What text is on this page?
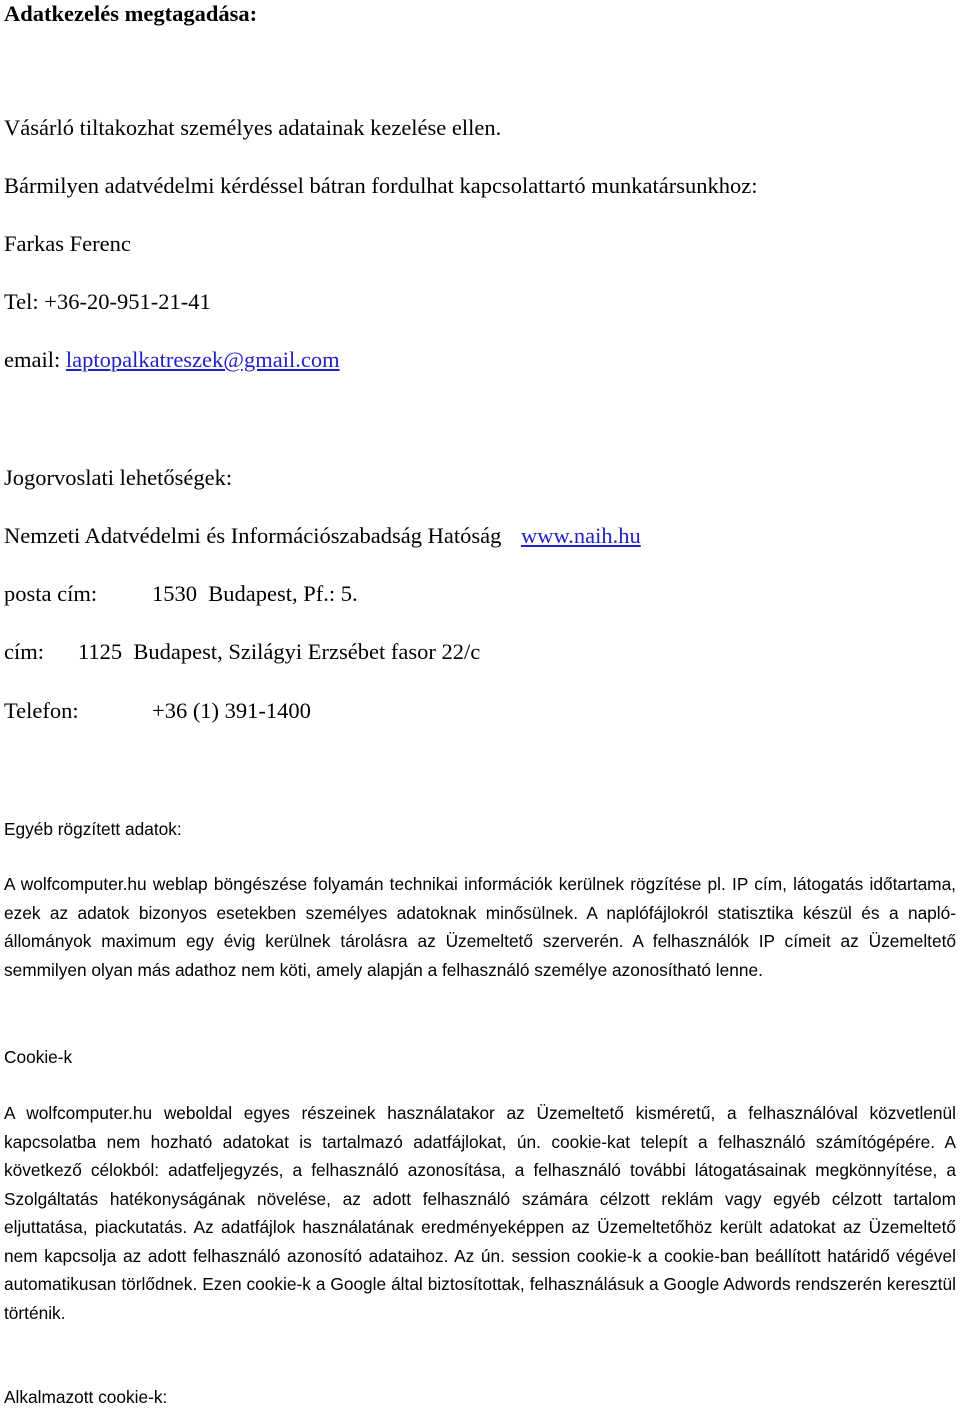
Adatkezelés megtagadása:
Vásárló tiltakozhat személyes adatainak kezelése ellen.
Bármilyen adatvédelmi kérdéssel bátran fordulhat kapcsolattartó munkatársunkhoz:
Farkas Ferenc
Tel: +36-20-951-21-41
email: laptopalkatreszek@gmail.com
Jogorvoslati lehetőségek:
Nemzeti Adatvédelmi és Információszabadság Hatóság www.naih.hu
posta cím: 1530  Budapest, Pf.: 5.
cím: 1125  Budapest, Szilágyi Erzsébet fasor 22/c
Telefon:	+36 (1) 391-1400
Egyéb rögzített adatok:
A wolfcomputer.hu weblap böngészése folyamán technikai információk kerülnek rögzítése pl. IP cím, látogatás időtartama, ezek az adatok bizonyos esetekben személyes adatoknak minősülnek. A naplófájlokról statisztika készül és a napló-állományok maximum egy évig kerülnek tárolásra az Üzemeltető szerverén. A felhasználók IP címeit az Üzemeltető semmilyen olyan más adathoz nem köti, amely alapján a felhasználó személye azonosítható lenne.
Cookie-k
A wolfcomputer.hu weboldal egyes részeinek használatakor az Üzemeltető kisméretű, a felhasználóval közvetlenül kapcsolatba nem hozható adatokat is tartalmazó adatfájlokat, ún. cookie-kat telepít a felhasználó számítógépére. A következő célokból: adatfeljegyzés, a felhasználó azonosítása, a felhasználó további látogatásainak megkönnyítése, a Szolgáltatás hatékonyságának növelése, az adott felhasználó számára célzott reklám vagy egyéb célzott tartalom eljuttatása, piackutatás. Az adatfájlok használatának eredményeképpen az Üzemeltetőhöz került adatokat az Üzemeltető nem kapcsolja az adott felhasználó azonosító adataihoz. Az ún. session cookie-k a cookie-ban beállított határidő végével automatikusan törlődnek. Ezen cookie-k a Google által biztosítottak, felhasználásuk a Google Adwords rendszerén keresztül történik.
Alkalmazott cookie-k:
